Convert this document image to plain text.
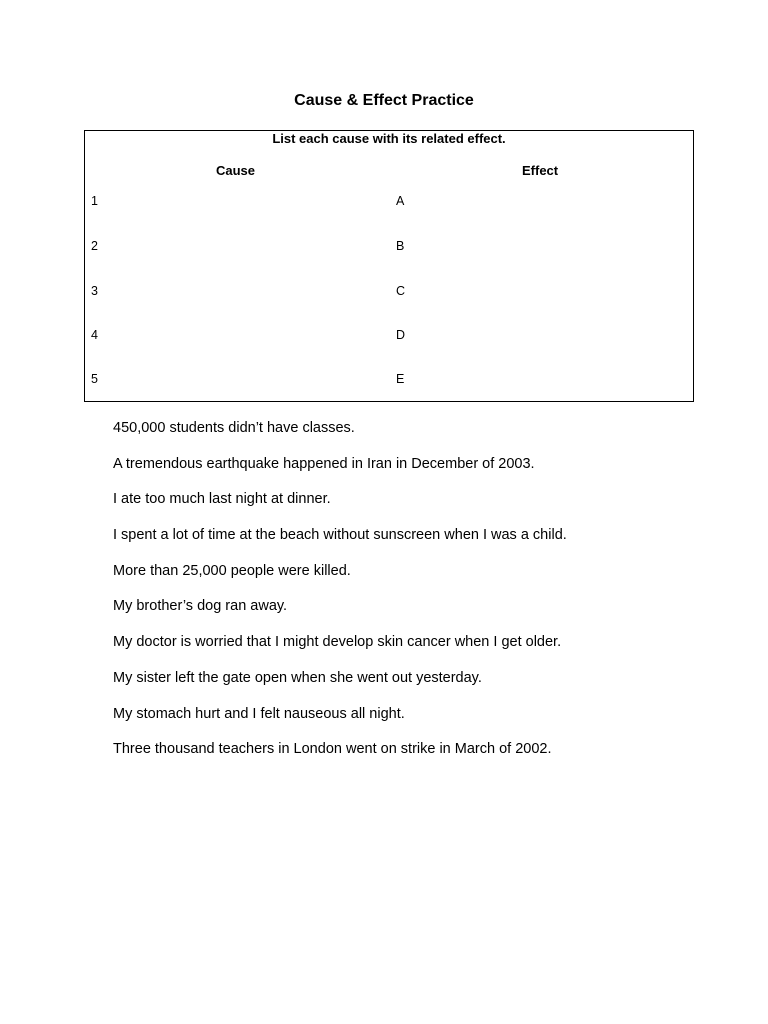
Cause & Effect Practice
List each cause with its related effect.
Cause	Effect
1
2
3
4
5
A
B
C
D
E
450,000 students didn’t have classes.
A tremendous earthquake happened in Iran in December of 2003.
I ate too much last night at dinner.
I spent a lot of time at the beach without sunscreen when I was a child.
More than 25,000 people were killed.
My brother’s dog ran away.
My doctor is worried that I might develop skin cancer when I get older.
My sister left the gate open when she went out yesterday.
My stomach hurt and I felt nauseous all night.
Three thousand teachers in London went on strike in March of 2002.
